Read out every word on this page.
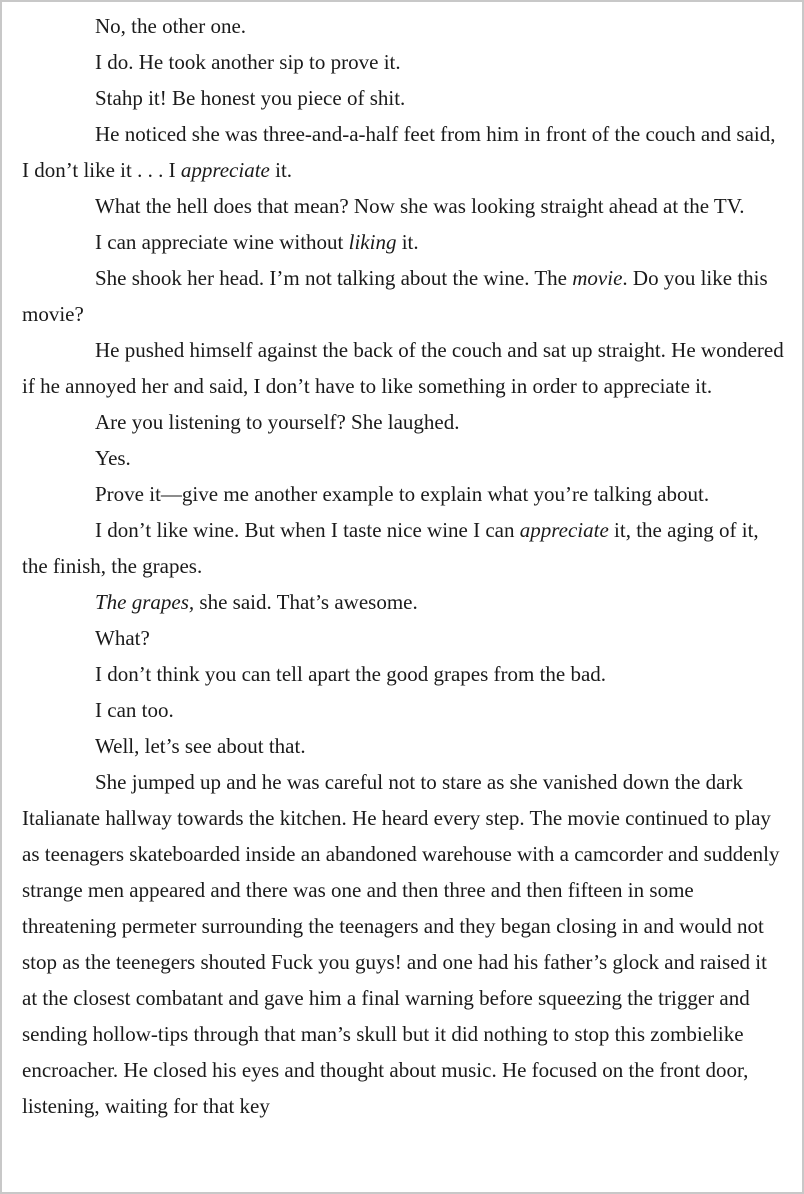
No, the other one.

I do. He took another sip to prove it.

Stahp it! Be honest you piece of shit.

He noticed she was three-and-a-half feet from him in front of the couch and said, I don’t like it . . . I appreciate it.

What the hell does that mean? Now she was looking straight ahead at the TV.

I can appreciate wine without liking it.

She shook her head. I’m not talking about the wine. The movie. Do you like this movie?

He pushed himself against the back of the couch and sat up straight. He wondered if he annoyed her and said, I don’t have to like something in order to appreciate it.

Are you listening to yourself? She laughed.

Yes.

Prove it—give me another example to explain what you’re talking about.

I don’t like wine. But when I taste nice wine I can appreciate it, the aging of it, the finish, the grapes.

The grapes, she said. That’s awesome.

What?

I don’t think you can tell apart the good grapes from the bad.

I can too.

Well, let’s see about that.

She jumped up and he was careful not to stare as she vanished down the dark Italianate hallway towards the kitchen. He heard every step. The movie continued to play as teenagers skateboarded inside an abandoned warehouse with a camcorder and suddenly strange men appeared and there was one and then three and then fifteen in some threatening permeter surrounding the teenagers and they began closing in and would not stop as the teenegers shouted Fuck you guys! and one had his father’s glock and raised it at the closest combatant and gave him a final warning before squeezing the trigger and sending hollow-tips through that man’s skull but it did nothing to stop this zombielike encroacher. He closed his eyes and thought about music. He focused on the front door, listening, waiting for that key
